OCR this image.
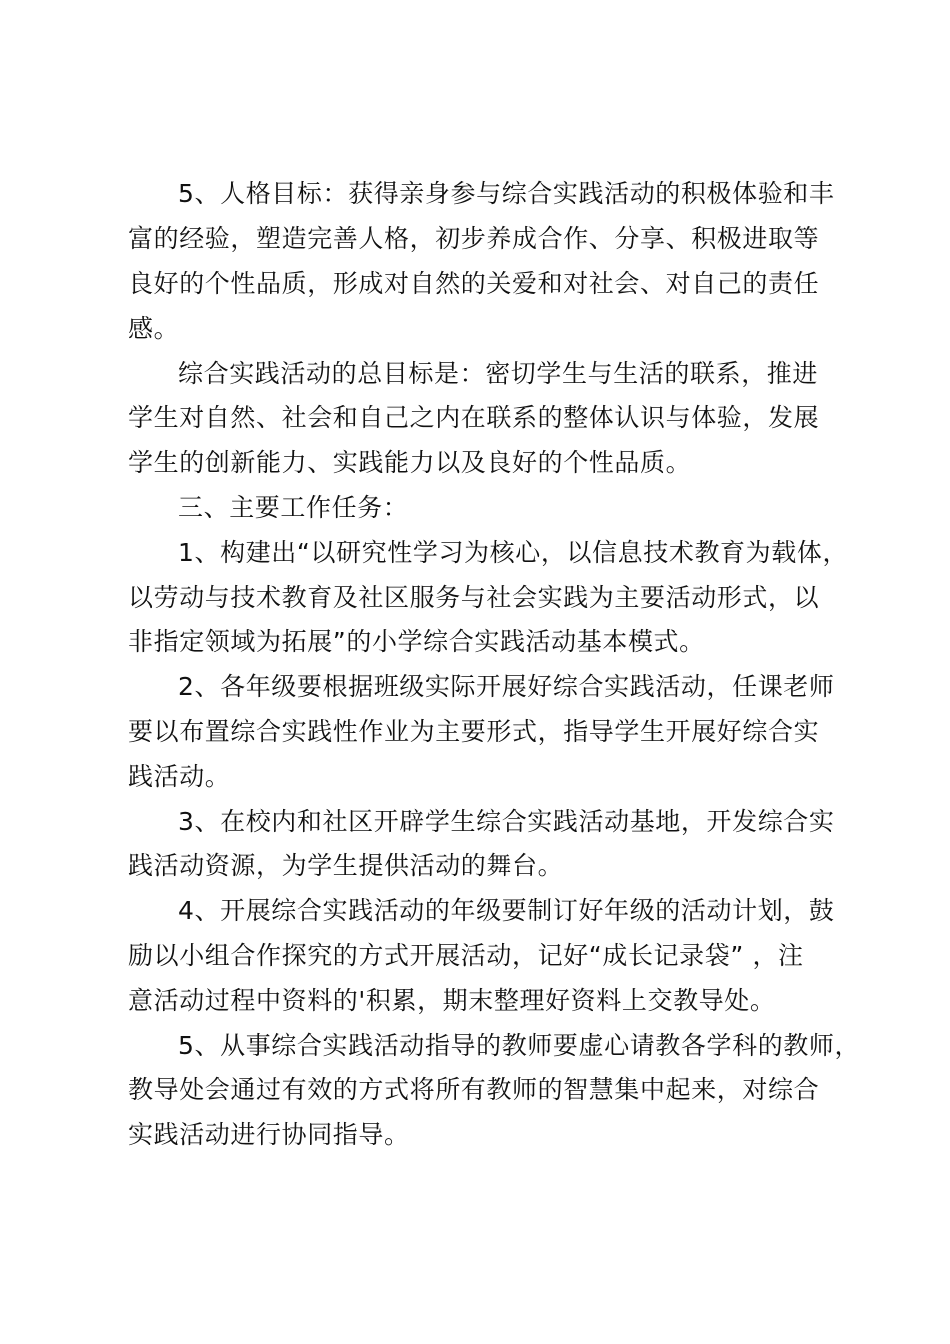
5、人格目标：获得亲身参与综合实践活动的积极体验和丰
富的经验，塑造完善人格，初步养成合作、分享、积极进取等
良好的个性品质，形成对自然的关爱和对社会、对自己的责任
感。
综合实践活动的总目标是：密切学生与生活的联系，推进
学生对自然、社会和自己之内在联系的整体认识与体验，发展
学生的创新能力、实践能力以及良好的个性品质。
三、主要工作任务：
1、构建出“以研究性学习为核心，以信息技术教育为载体，
以劳动与技术教育及社区服务与社会实践为主要活动形式，以
非指定领域为拓展”的小学综合实践活动基本模式。
2、各年级要根据班级实际开展好综合实践活动，任课老师
要以布置综合实践性作业为主要形式，指导学生开展好综合实
践活动。
3、在校内和社区开辟学生综合实践活动基地，开发综合实
践活动资源，为学生提供活动的舞台。
4、开展综合实践活动的年级要制订好年级的活动计划，鼓
励以小组合作探究的方式开展活动，记好“成长记录袋” ，注
意活动过程中资料的'积累，期末整理好资料上交教导处。
5、从事综合实践活动指导的教师要虚心请教各学科的教师，
教导处会通过有效的方式将所有教师的智慧集中起来，对综合
实践活动进行协同指导。
